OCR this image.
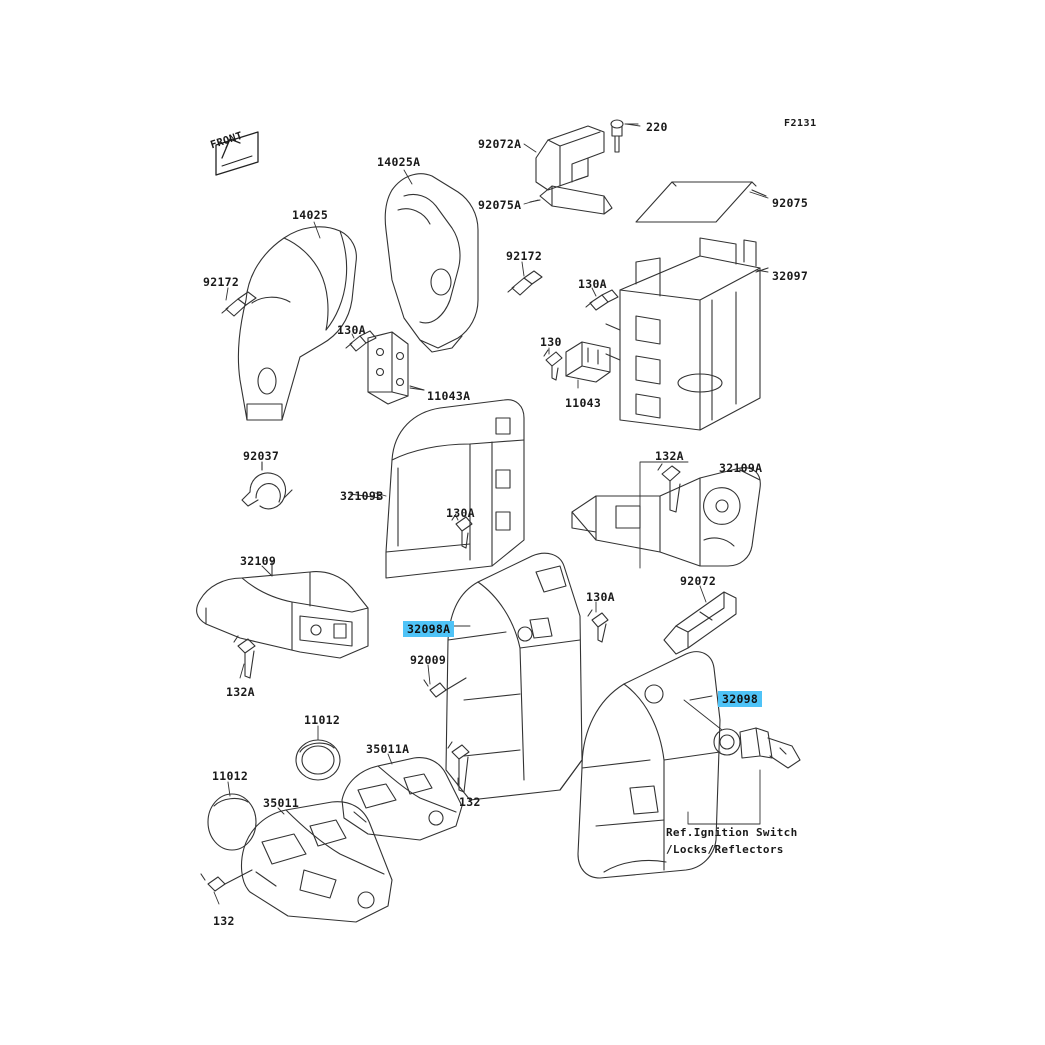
FRONT	92072A
220	F2131
14025A
92075A	92075
14025
92172
32097
130A
92172
130A
130
11043A	11043
92037	132A
32109A
32109B
130A
32109
92072
130A
32098A
92009
132A	32098
11012
35011A
11012
132
35011
132
Ref.Ignition Switch
/Locks/Reflectors
